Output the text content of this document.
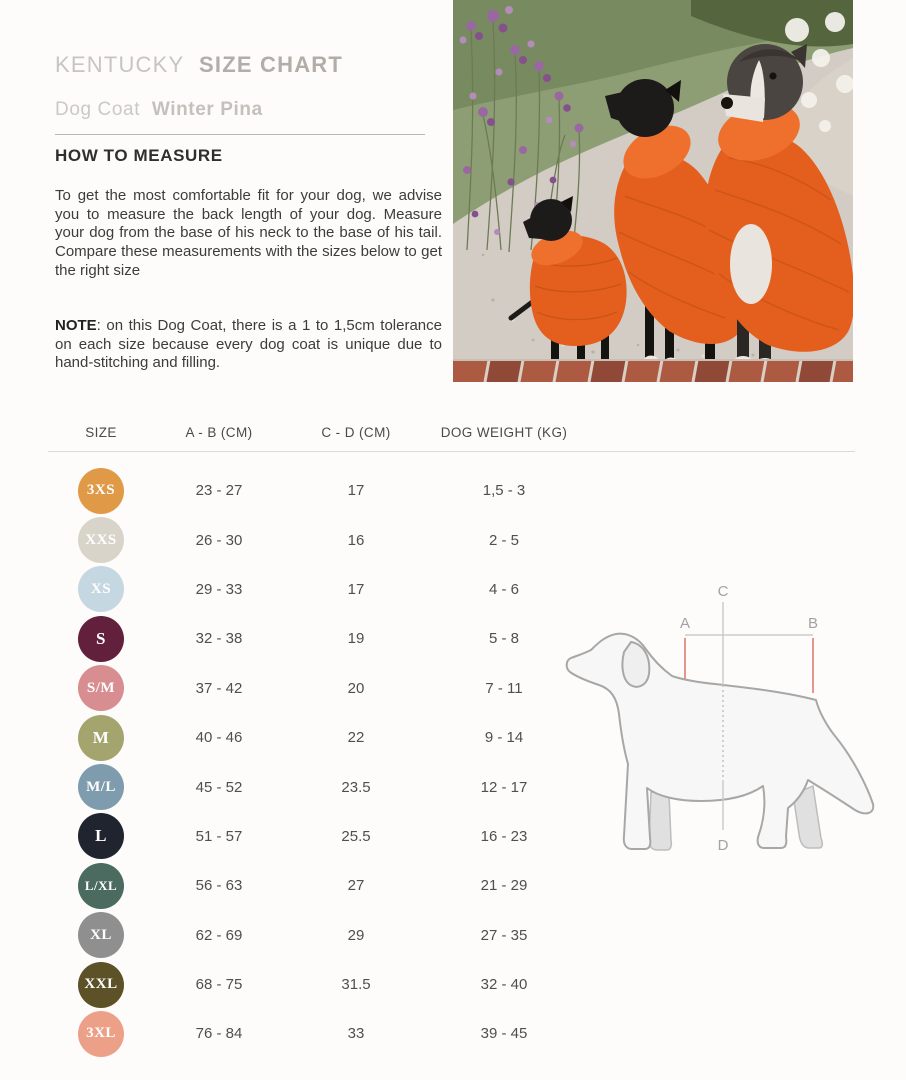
KENTUCKY SIZE CHART
Dog Coat Winter Pina
HOW TO MEASURE
To get the most comfortable fit for your dog, we advise you to measure the back length of your dog. Measure your dog from the base of his neck to the base of his tail. Compare these measurements with the sizes below to get the right size
NOTE: on this Dog Coat, there is a 1 to 1,5cm tolerance on each size because every dog coat is unique due to hand-stitching and filling.
SIZE	A - B (CM)	C - D (CM)	DOG WEIGHT (KG)
3XS	23 - 27	17	1,5 - 3
XXS	26 - 30	16	2 - 5
XS	29 - 33	17	4 - 6
S	32 - 38	19	5 - 8
S/M	37 - 42	20	7 - 11
M	40 - 46	22	9 - 14
M/L	45 - 52	23.5	12 - 17
L	51 - 57	25.5	16 - 23
L/XL	56 - 63	27	21 - 29
XL	62 - 69	29	27 - 35
XXL	68 - 75	31.5	32 - 40
3XL	76 - 84	33	39 - 45
A	B
C
D
